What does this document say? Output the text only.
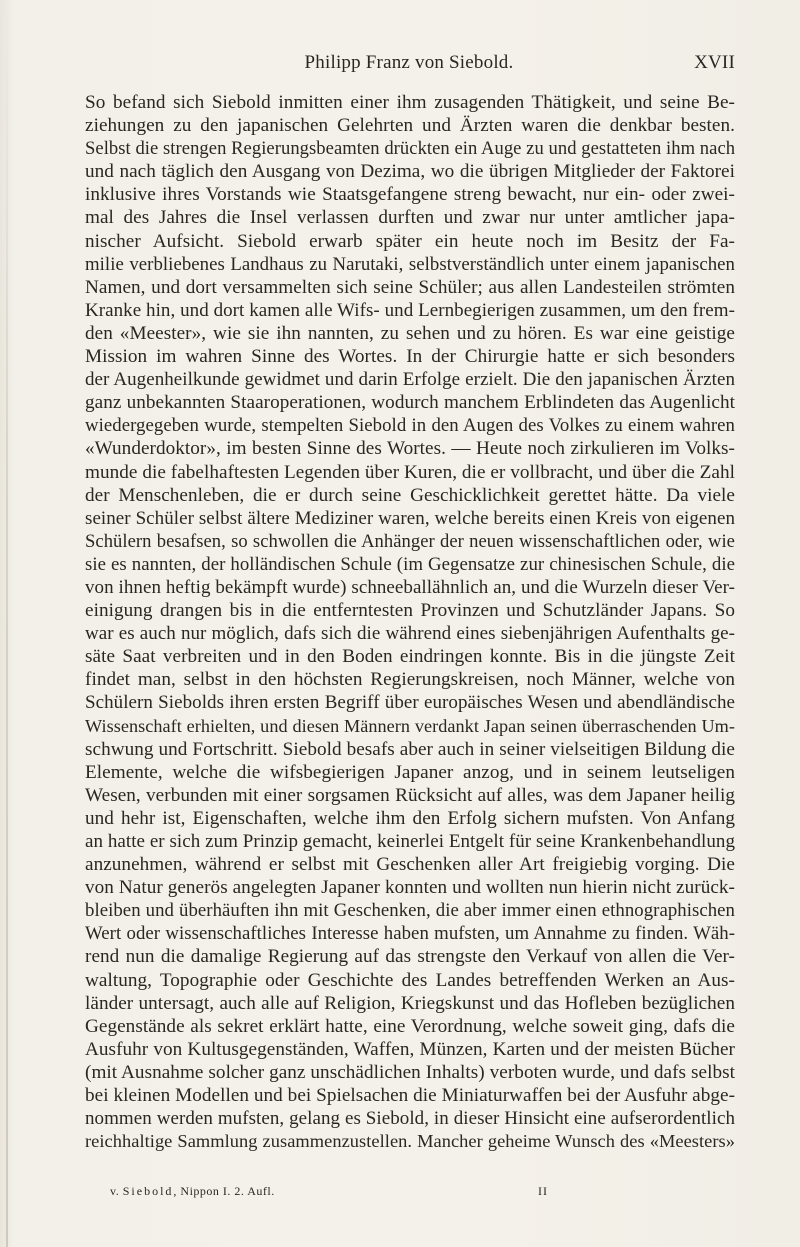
Philipp Franz von Siebold.	XVII
So befand sich Siebold inmitten einer ihm zusagenden Thätigkeit, und seine Be-
ziehungen zu den japanischen Gelehrten und Ärzten waren die denkbar besten.
Selbst die strengen Regierungsbeamten drückten ein Auge zu und gestatteten ihm nach
und nach täglich den Ausgang von Dezima, wo die übrigen Mitglieder der Faktorei
inklusive ihres Vorstands wie Staatsgefangene streng bewacht, nur ein- oder zwei-
mal des Jahres die Insel verlassen durften und zwar nur unter amtlicher japa-
nischer Aufsicht. Siebold erwarb später ein heute noch im Besitz der Fa-
milie verbliebenes Landhaus zu Narutaki, selbstverständlich unter einem japanischen
Namen, und dort versammelten sich seine Schüler; aus allen Landesteilen strömten
Kranke hin, und dort kamen alle Wifs- und Lernbegierigen zusammen, um den frem-
den «Meester», wie sie ihn nannten, zu sehen und zu hören. Es war eine geistige
Mission im wahren Sinne des Wortes. In der Chirurgie hatte er sich besonders
der Augenheilkunde gewidmet und darin Erfolge erzielt. Die den japanischen Ärzten
ganz unbekannten Staaroperationen, wodurch manchem Erblindeten das Augenlicht
wiedergegeben wurde, stempelten Siebold in den Augen des Volkes zu einem wahren
«Wunderdoktor», im besten Sinne des Wortes. — Heute noch zirkulieren im Volks-
munde die fabelhaftesten Legenden über Kuren, die er vollbracht, und über die Zahl
der Menschenleben, die er durch seine Geschicklichkeit gerettet hätte. Da viele
seiner Schüler selbst ältere Mediziner waren, welche bereits einen Kreis von eigenen
Schülern besafsen, so schwollen die Anhänger der neuen wissenschaftlichen oder, wie
sie es nannten, der holländischen Schule (im Gegensatze zur chinesischen Schule, die
von ihnen heftig bekämpft wurde) schneeballähnlich an, und die Wurzeln dieser Ver-
einigung drangen bis in die entferntesten Provinzen und Schutzländer Japans. So
war es auch nur möglich, dafs sich die während eines siebenjährigen Aufenthalts ge-
säte Saat verbreiten und in den Boden eindringen konnte. Bis in die jüngste Zeit
findet man, selbst in den höchsten Regierungskreisen, noch Männer, welche von
Schülern Siebolds ihren ersten Begriff über europäisches Wesen und abendländische
Wissenschaft erhielten, und diesen Männern verdankt Japan seinen überraschenden Um-
schwung und Fortschritt. Siebold besafs aber auch in seiner vielseitigen Bildung die
Elemente, welche die wifsbegierigen Japaner anzog, und in seinem leutseligen
Wesen, verbunden mit einer sorgsamen Rücksicht auf alles, was dem Japaner heilig
und hehr ist, Eigenschaften, welche ihm den Erfolg sichern mufsten. Von Anfang
an hatte er sich zum Prinzip gemacht, keinerlei Entgelt für seine Krankenbehandlung
anzunehmen, während er selbst mit Geschenken aller Art freigiebig vorging. Die
von Natur generös angelegten Japaner konnten und wollten nun hierin nicht zurück-
bleiben und überhäuften ihn mit Geschenken, die aber immer einen ethnographischen
Wert oder wissenschaftliches Interesse haben mufsten, um Annahme zu finden. Wäh-
rend nun die damalige Regierung auf das strengste den Verkauf von allen die Ver-
waltung, Topographie oder Geschichte des Landes betreffenden Werken an Aus-
länder untersagt, auch alle auf Religion, Kriegskunst und das Hofleben bezüglichen
Gegenstände als sekret erklärt hatte, eine Verordnung, welche soweit ging, dafs die
Ausfuhr von Kultusgegenständen, Waffen, Münzen, Karten und der meisten Bücher
(mit Ausnahme solcher ganz unschädlichen Inhalts) verboten wurde, und dafs selbst
bei kleinen Modellen und bei Spielsachen die Miniaturwaffen bei der Ausfuhr abge-
nommen werden mufsten, gelang es Siebold, in dieser Hinsicht eine aufserordentlich
reichhaltige Sammlung zusammenzustellen. Mancher geheime Wunsch des «Meesters»
v. Siebold, Nippon I. 2. Aufl.	II
